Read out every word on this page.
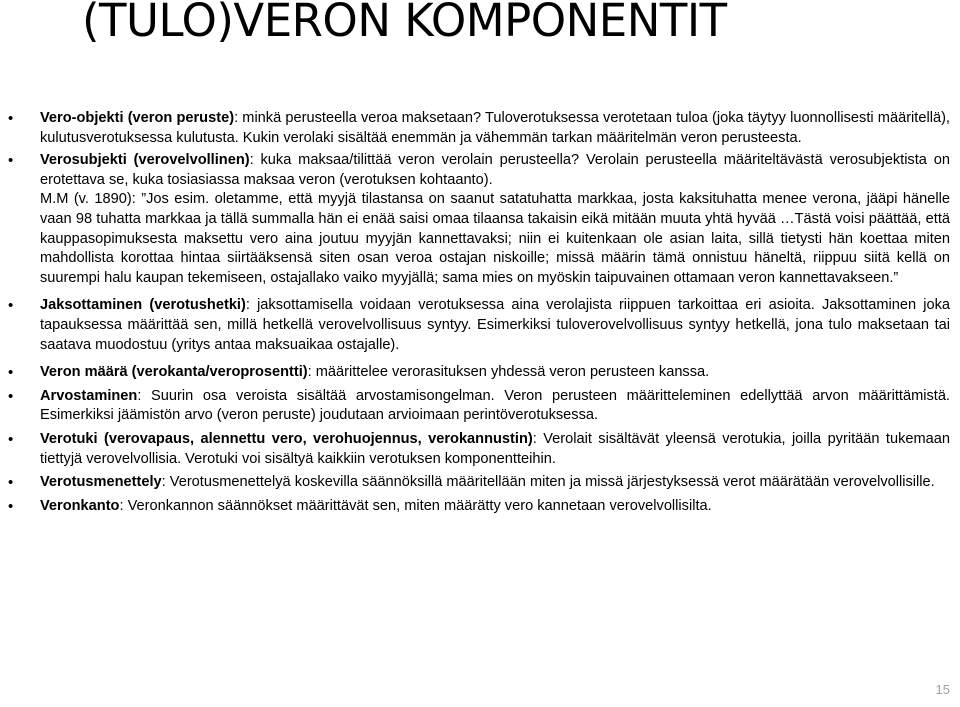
(TULO)VERON KOMPONENTIT
• Vero-objekti (veron peruste): minkä perusteella veroa maksetaan? Tuloverotuksessa verotetaan tuloa (joka täytyy luonnollisesti määritellä), kulutusverotuksessa kulutusta. Kukin verolaki sisältää enemmän ja vähemmän tarkan määritelmän veron perusteesta.
• Verosubjekti (verovelvollinen): kuka maksaa/tilittää veron verolain perusteella? Verolain perusteella määriteltävästä verosubjektista on erotettava se, kuka tosiasiassa maksaa veron (verotuksen kohtaanto).
M.M (v. 1890): ”Jos esim. oletamme, että myyjä tilastansa on saanut satatuhatta markkaa, josta kaksituhatta menee verona, jääpi hänelle vaan 98 tuhatta markkaa ja tällä summalla hän ei enää saisi omaa tilaansa takaisin eikä mitään muuta yhtä hyvää …Tästä voisi päättää, että kauppasopimuksesta maksettu vero aina joutuu myyjän kannettavaksi; niin ei kuitenkaan ole asian laita, sillä tietysti hän koettaa miten mahdollista korottaa hintaa siirtääksensä siten osan veroa ostajan niskoille; missä määrin tämä onnistuu häneltä, riippuu siitä kellä on suurempi halu kaupan tekemiseen, ostajallako vaiko myyjällä; sama mies on myöskin taipuvainen ottamaan veron kannettavakseen.”
• Jaksottaminen (verotushetki): jaksottamisella voidaan verotuksessa aina verolajista riippuen tarkoittaa eri asioita. Jaksottaminen joka tapauksessa määrittää sen, millä hetkellä verovelvollisuus syntyy. Esimerkiksi tuloverovelvollisuus syntyy hetkellä, jona tulo maksetaan tai saatava muodostuu (yritys antaa maksuaikaa ostajalle).
• Veron määrä (verokanta/veroprosentti): määrittelee verorasituksen yhdessä veron perusteen kanssa.
• Arvostaminen: Suurin osa veroista sisältää arvostamisongelman. Veron perusteen määritteleminen edellyttää arvon määrittämistä. Esimerkiksi jäämistön arvo (veron peruste) joudutaan arvioimaan perintöverotuksessa.
• Verotuki (verovapaus, alennettu vero, verohuojennus, verokannustin): Verolait sisältävät yleensä verotukia, joilla pyritään tukemaan tiettyjä verovelvollisia. Verotuki voi sisältyä kaikkiin verotuksen komponentteihin.
• Verotusmenettely: Verotusmenettelyä koskevilla säännöksillä määritellään miten ja missä järjestyksessä verot määrätään verovelvollisille.
• Veronkanto: Veronkannon säännökset määrittävät sen, miten määrätty vero kannetaan verovelvollisilta.
15
